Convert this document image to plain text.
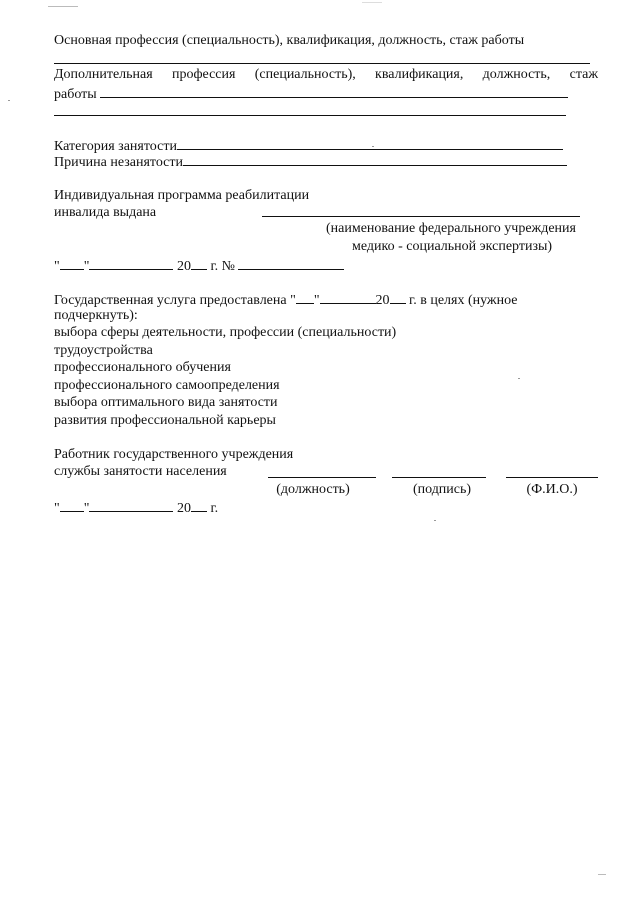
Основная профессия (специальность), квалификация, должность, стаж работы
Дополнительная профессия (специальность), квалификация, должность, стаж
работы
Категория занятости
Причина незанятости
Индивидуальная программа реабилитации
инвалида выдана
(наименование федерального учреждения
медико - социальной экспертизы)
" "	20 г. №
Государственная услуга предоставлена " "	20 г. в целях (нужное
подчеркнуть):
выбора сферы деятельности, профессии (специальности)
трудоустройства
профессионального обучения
профессионального самоопределения
выбора оптимального вида занятости
развития профессиональной карьеры
Работник государственного учреждения
службы занятости населения
(должность)	(подпись)	(Ф.И.О.)
" "	20 г.
